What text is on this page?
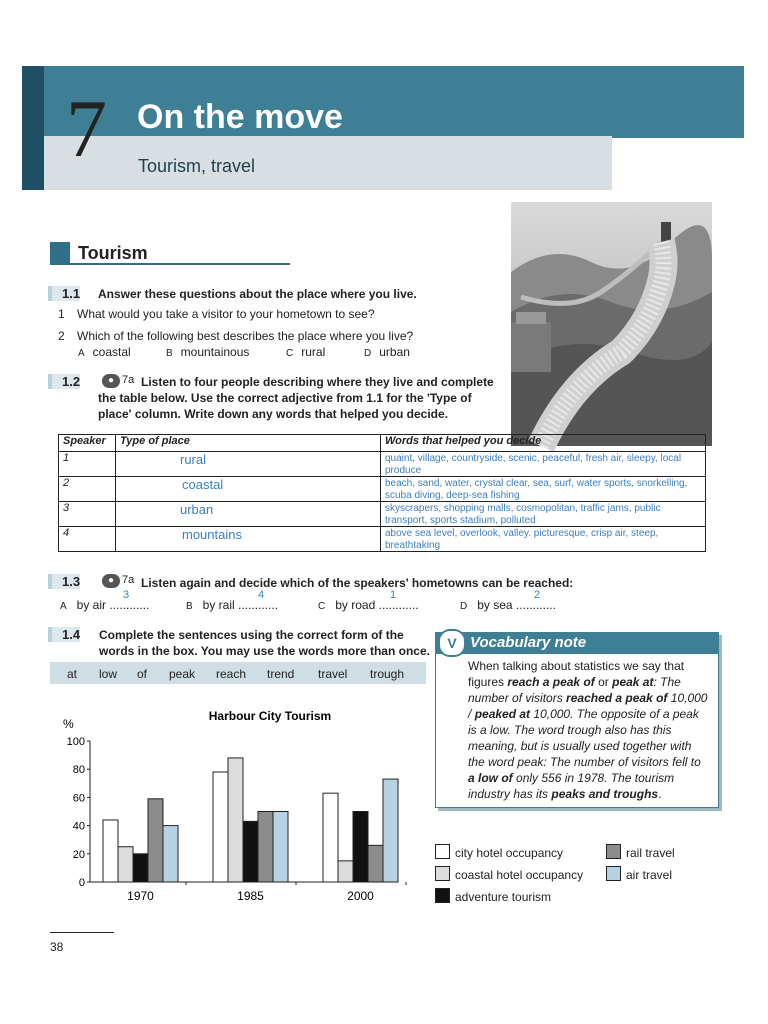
7 On the move
Tourism, travel
Tourism
1.1 Answer these questions about the place where you live.
1 What would you take a visitor to your hometown to see?
2 Which of the following best describes the place where you live?
A coastal	B mountainous	C rural	D urban
1.2	● 7a Listen to four people describing where they live and complete
the table below. Use the correct adjective from 1.1 for the 'Type of
place' column. Write down any words that helped you decide.
Speaker	Type of place	Words that helped you decide
1	rural	quaint, village, countryside, scenic, peaceful, fresh air, sleepy, local produce
2	coastal	beach, sand, water, crystal clear, sea, surf, water sports, snorkelling, scuba diving, deep-sea fishing
3	urban	skyscrapers, shopping malls, cosmopolitan, traffic jams, public transport, sports stadium, polluted
4	mountains	above sea level, overlook, valley. picturesque, crisp air, steep, breathtaking
1.3	● 7a Listen again and decide which of the speakers' hometowns can be reached:
A by air ............
3
B by rail ............
4
C by road ............
1
D by sea ............
2
1.4 Complete the sentences using the correct form of the
words in the box. You may use the words more than once.
at low of peak reach trend travel trough
V Vocabulary note
When talking about statistics we say that figures reach a peak of or peak at: The number of visitors reached a peak of 10,000 / peaked at 10,000. The opposite of a peak is a low. The word trough also has this meaning, but is usually used together with the word peak: The number of visitors fell to a low of only 556 in 1978. The tourism industry has its peaks and troughs.
Harbour City Tourism
%
0
20
40
60
80
100
1970	1985	2000
city hotel occupancy
coastal hotel occupancy
adventure tourism
rail travel
air travel
38
